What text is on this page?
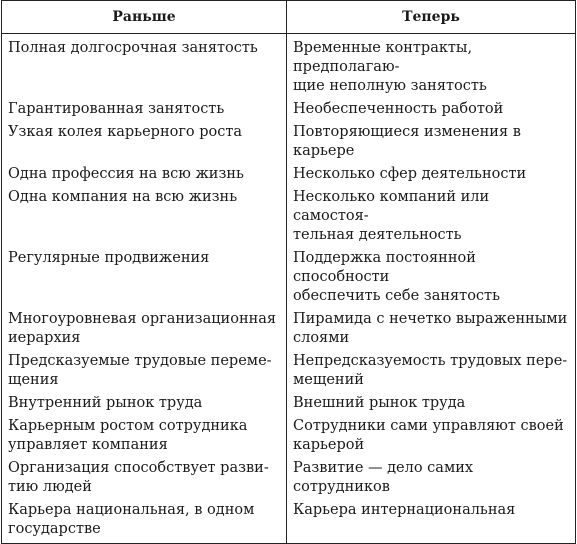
Раньше	Теперь

Полная долгосрочная занятость	Временные контракты, предполагаю-
щие неполную занятость

Гарантированная занятость	Необеспеченность работой

Узкая колея карьерного роста	Повторяющиеся изменения в карьере

Одна профессия на всю жизнь	Несколько сфер деятельности

Одна компания на всю жизнь	Несколько компаний или самостоя-
тельная деятельность

Регулярные продвижения	Поддержка постоянной способности
обеспечить себе занятость

Многоуровневая организационная
иерархия	Пирамида с нечетко выраженными
слоями

Предсказуемые трудовые переме-
щения	Непредсказуемость трудовых пере-
мещений

Внутренний рынок труда	Внешний рынок труда

Карьерным ростом сотрудника
управляет компания	Сотрудники сами управляют своей
карьерой

Организация способствует разви-
тию людей	Развитие — дело самих сотрудников

Карьера национальная, в одном
государстве	Карьера интернациональная
